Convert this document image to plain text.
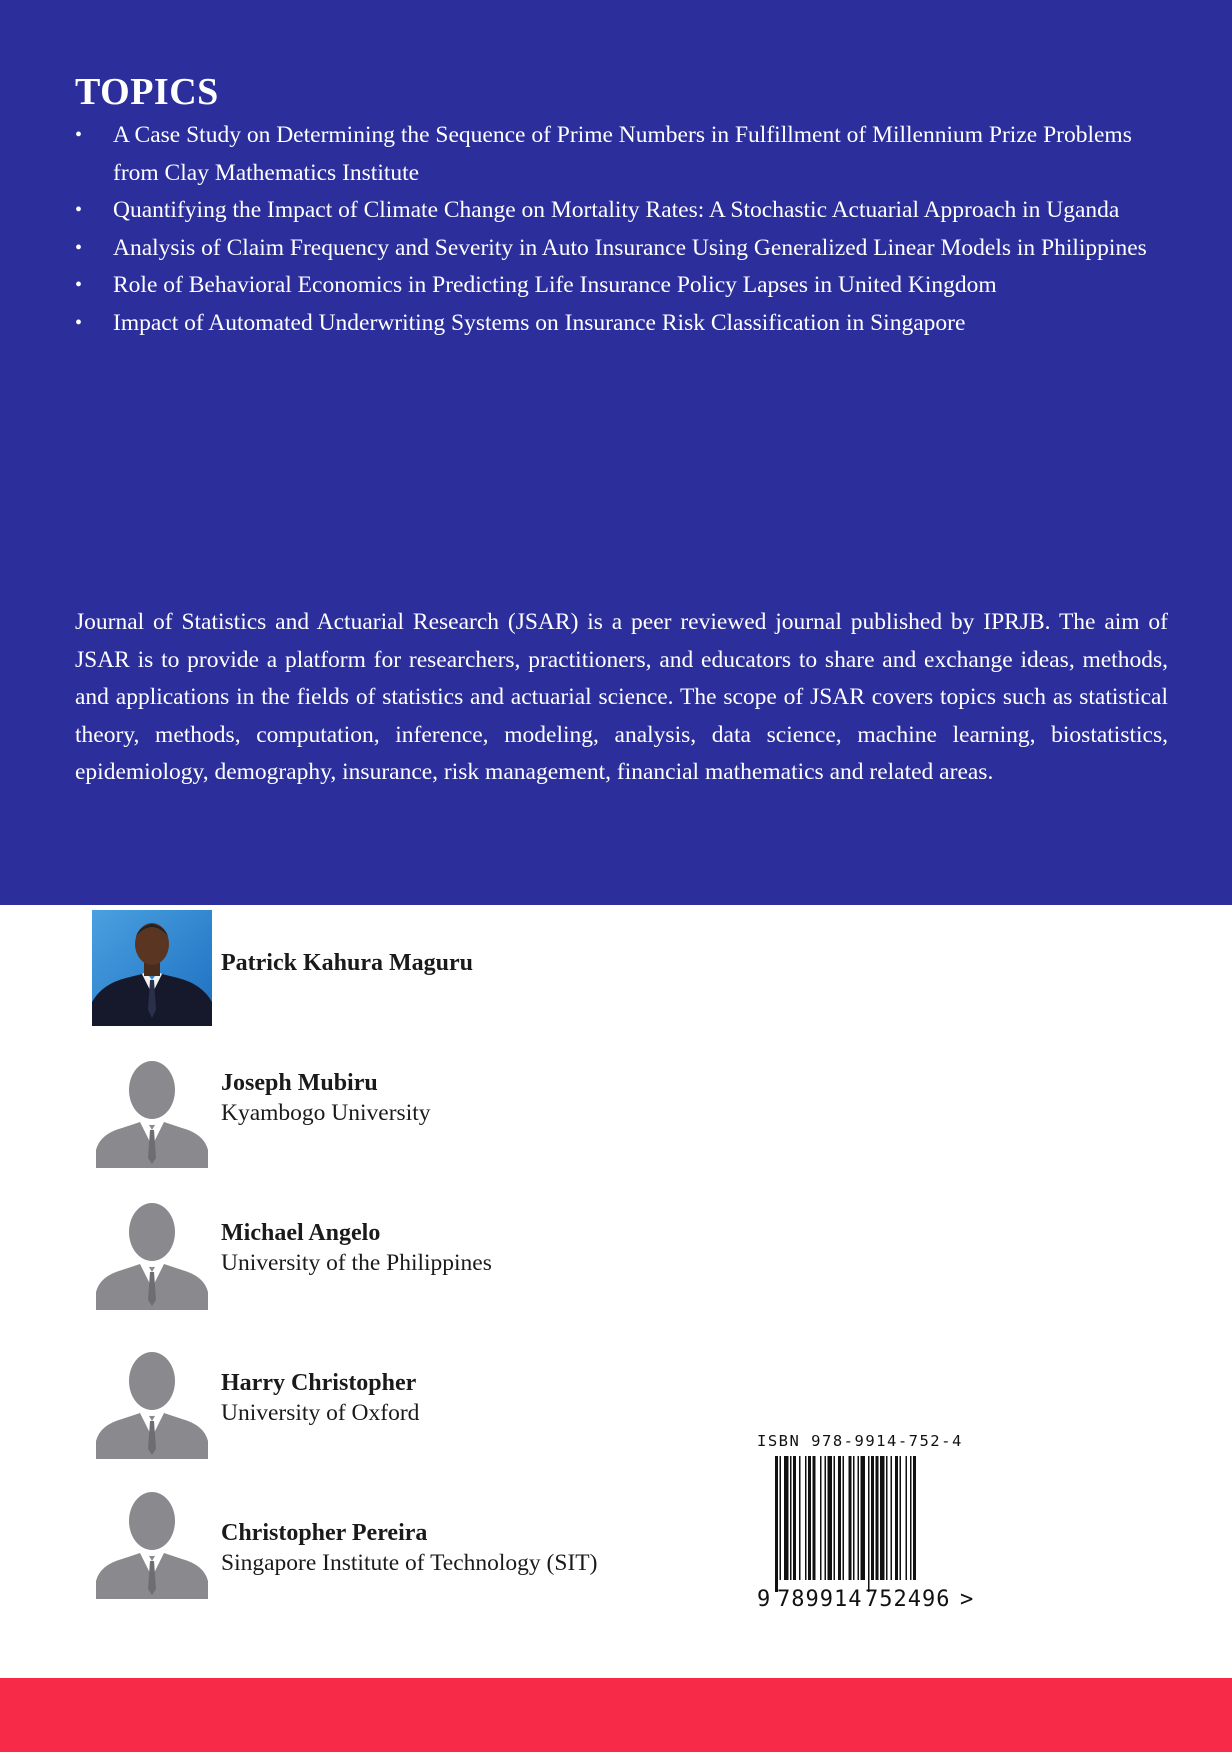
TOPICS
• A Case Study on Determining the Sequence of Prime Numbers in Fulfillment of Millennium Prize Problems from Clay Mathematics Institute
• Quantifying the Impact of Climate Change on Mortality Rates: A Stochastic Actuarial Approach in Uganda
• Analysis of Claim Frequency and Severity in Auto Insurance Using Generalized Linear Models in Philippines
• Role of Behavioral Economics in Predicting Life Insurance Policy Lapses in United Kingdom
• Impact of Automated Underwriting Systems on Insurance Risk Classification in Singapore

Journal of Statistics and Actuarial Research (JSAR) is a peer reviewed journal published by IPRJB. The aim of JSAR is to provide a platform for researchers, practitioners, and educators to share and exchange ideas, methods, and applications in the fields of statistics and actuarial science. The scope of JSAR covers topics such as statistical theory, methods, computation, inference, modeling, analysis, data science, machine learning, biostatistics, epidemiology, demography, insurance, risk management, financial mathematics and related areas.

Patrick Kahura Maguru
Joseph Mubiru
Kyambogo University
Michael Angelo
University of the Philippines
Harry Christopher
University of Oxford
Christopher Pereira
Singapore Institute of Technology (SIT)
ISBN 978-9914-752-4
9 789914 752496 >
